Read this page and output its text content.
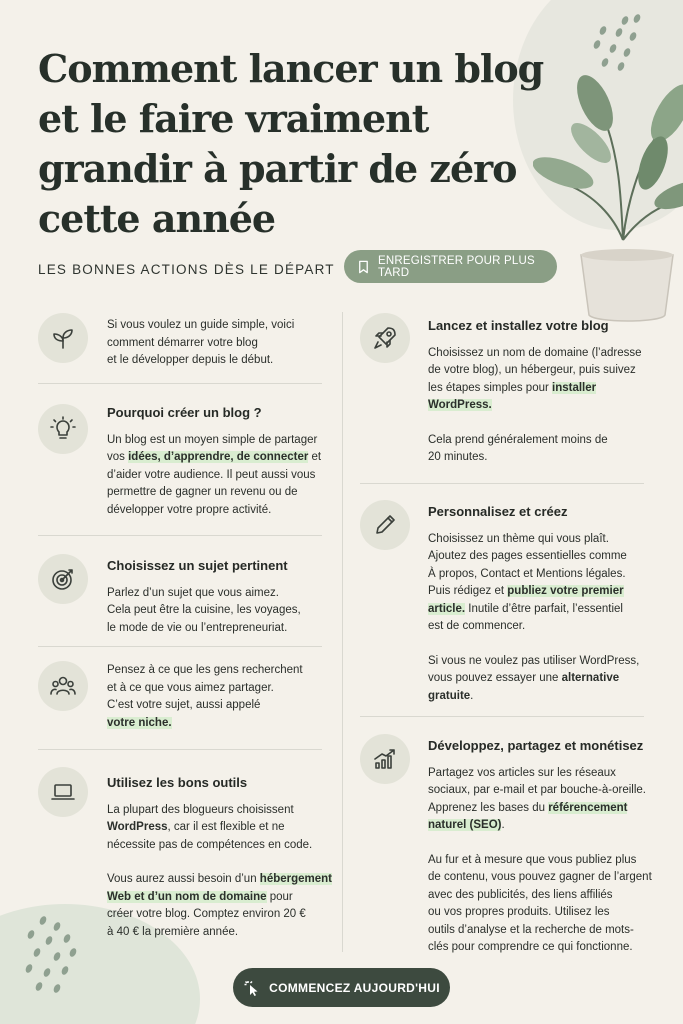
Comment lancer un blog et le faire vraiment grandir à partir de zéro cette année
LES BONNES ACTIONS DÈS LE DÉPART
ENREGISTRER POUR PLUS TARD
Si vous voulez un guide simple, voici
comment démarrer votre blog
et le développer depuis le début.
Pourquoi créer un blog ?
Un blog est un moyen simple de partager
vos idées, d’apprendre, de connecter et
d’aider votre audience. Il peut aussi vous
permettre de gagner un revenu ou de
développer votre propre activité.
Choisissez un sujet pertinent
Parlez d’un sujet que vous aimez.
Cela peut être la cuisine, les voyages,
le mode de vie ou l’entrepreneuriat.
Pensez à ce que les gens recherchent
et à ce que vous aimez partager.
C’est votre sujet, aussi appelé
votre niche.
Utilisez les bons outils

La plupart des blogueurs choisissent
WordPress, car il est flexible et ne
nécessite pas de compétences en code.

Vous aurez aussi besoin d’un hébergement
Web et d’un nom de domaine pour
créer votre blog. Comptez environ 20 €
à 40 € la première année.

Lancez et installez votre blog

Choisissez un nom de domaine (l’adresse
de votre blog), un hébergeur, puis suivez
les étapes simples pour installer
WordPress.

Cela prend généralement moins de
20 minutes.

Personnalisez et créez

Choisissez un thème qui vous plaît.
Ajoutez des pages essentielles comme
À propos, Contact et Mentions légales.
Puis rédigez et publiez votre premier
article. Inutile d’être parfait, l’essentiel
est de commencer.

Si vous ne voulez pas utiliser WordPress,
vous pouvez essayer une alternative
gratuite.

Développez, partagez et monétisez

Partagez vos articles sur les réseaux
sociaux, par e-mail et par bouche-à-oreille.
Apprenez les bases du référencement
naturel (SEO).

Au fur et à mesure que vous publiez plus
de contenu, vous pouvez gagner de l’argent
avec des publicités, des liens affiliés
ou vos propres produits. Utilisez les
outils d’analyse et la recherche de mots-
clés pour comprendre ce qui fonctionne.

COMMENCEZ AUJOURD'HUI
